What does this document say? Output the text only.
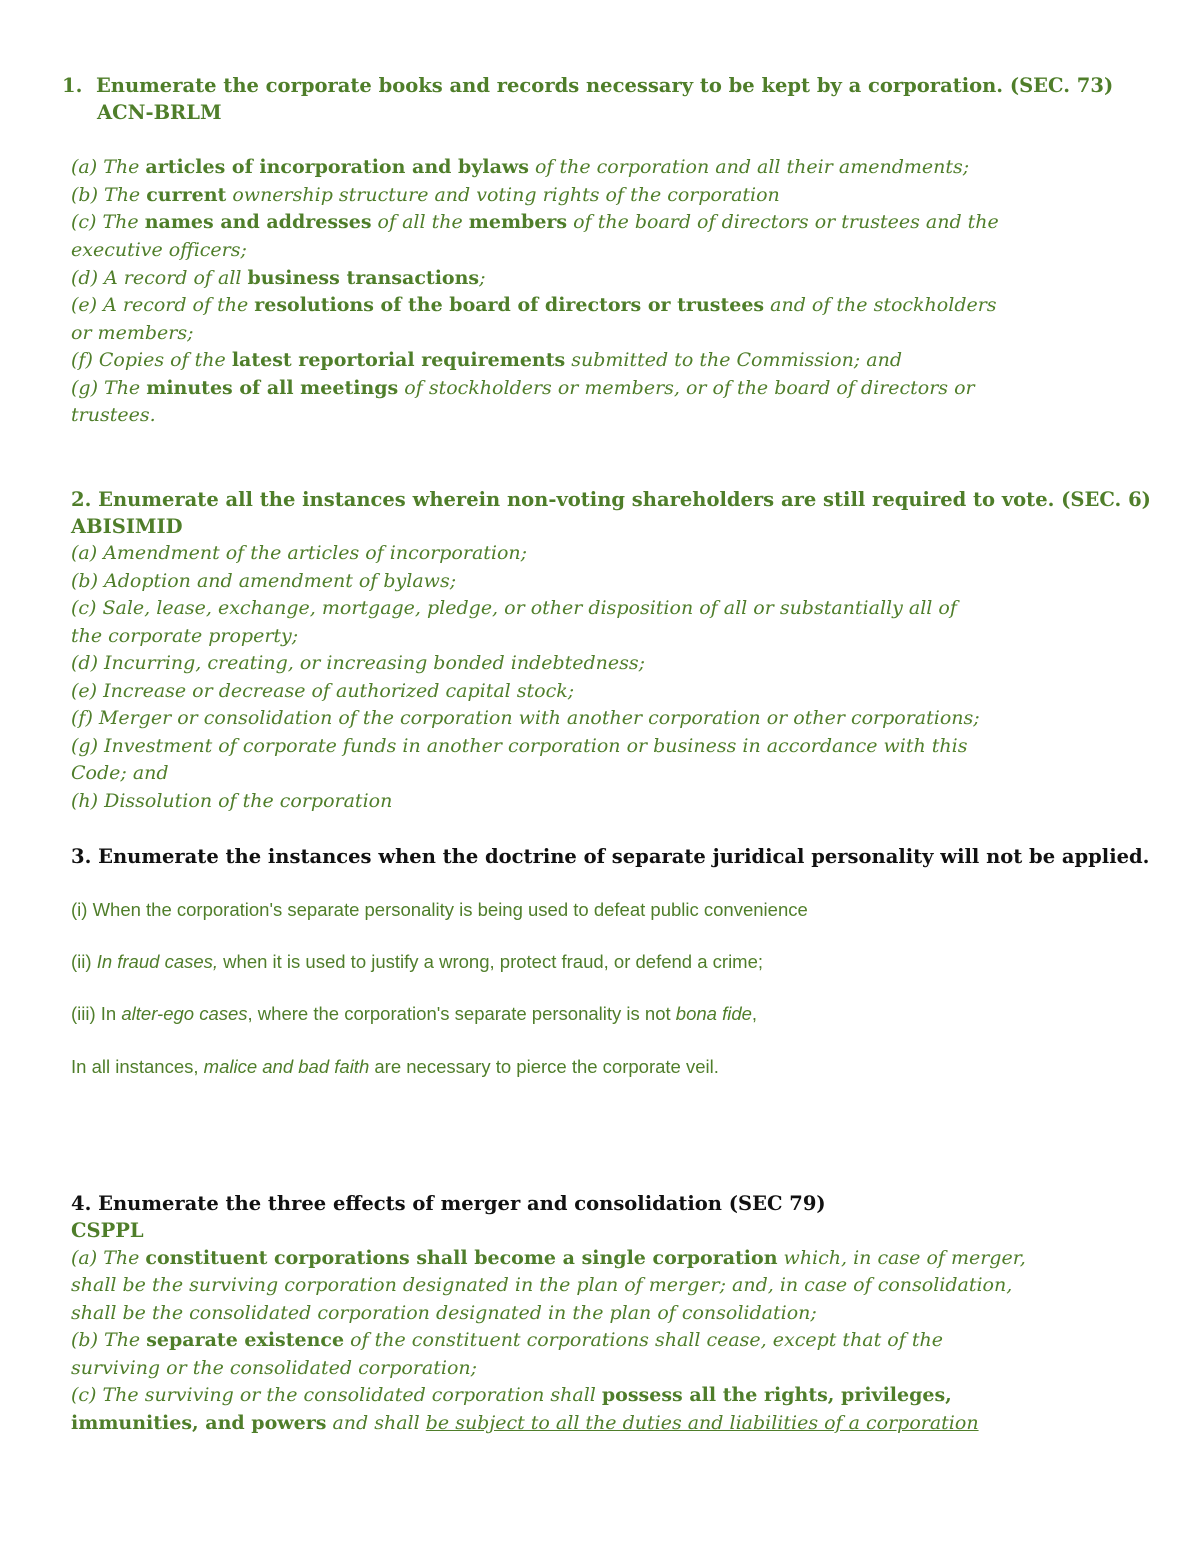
1. Enumerate the corporate books and records necessary to be kept by a corporation. (SEC. 73)
ACN-BRLM
(a) The articles of incorporation and bylaws of the corporation and all their amendments;
(b) The current ownership structure and voting rights of the corporation
(c) The names and addresses of all the members of the board of directors or trustees and the
executive officers;
(d) A record of all business transactions;
(e) A record of the resolutions of the board of directors or trustees and of the stockholders
or members;
(f) Copies of the latest reportorial requirements submitted to the Commission; and
(g) The minutes of all meetings of stockholders or members, or of the board of directors or
trustees.
2. Enumerate all the instances wherein non-voting shareholders are still required to vote. (SEC. 6)
ABISIMID
(a) Amendment of the articles of incorporation;
(b) Adoption and amendment of bylaws;
(c) Sale, lease, exchange, mortgage, pledge, or other disposition of all or substantially all of
the corporate property;
(d) Incurring, creating, or increasing bonded indebtedness;
(e) Increase or decrease of authorized capital stock;
(f) Merger or consolidation of the corporation with another corporation or other corporations;
(g) Investment of corporate funds in another corporation or business in accordance with this
Code; and
(h) Dissolution of the corporation
3. Enumerate the instances when the doctrine of separate juridical personality will not be applied.
(i) When the corporation's separate personality is being used to defeat public convenience
(ii) In fraud cases, when it is used to justify a wrong, protect fraud, or defend a crime;
(iii) In alter-ego cases, where the corporation's separate personality is not bona fide,
In all instances, malice and bad faith are necessary to pierce the corporate veil.
4. Enumerate the three effects of merger and consolidation (SEC 79)
CSPPL
(a) The constituent corporations shall become a single corporation which, in case of merger,
shall be the surviving corporation designated in the plan of merger; and, in case of consolidation,
shall be the consolidated corporation designated in the plan of consolidation;
(b) The separate existence of the constituent corporations shall cease, except that of the
surviving or the consolidated corporation;
(c) The surviving or the consolidated corporation shall possess all the rights, privileges,
immunities, and powers and shall be subject to all the duties and liabilities of a corporation
